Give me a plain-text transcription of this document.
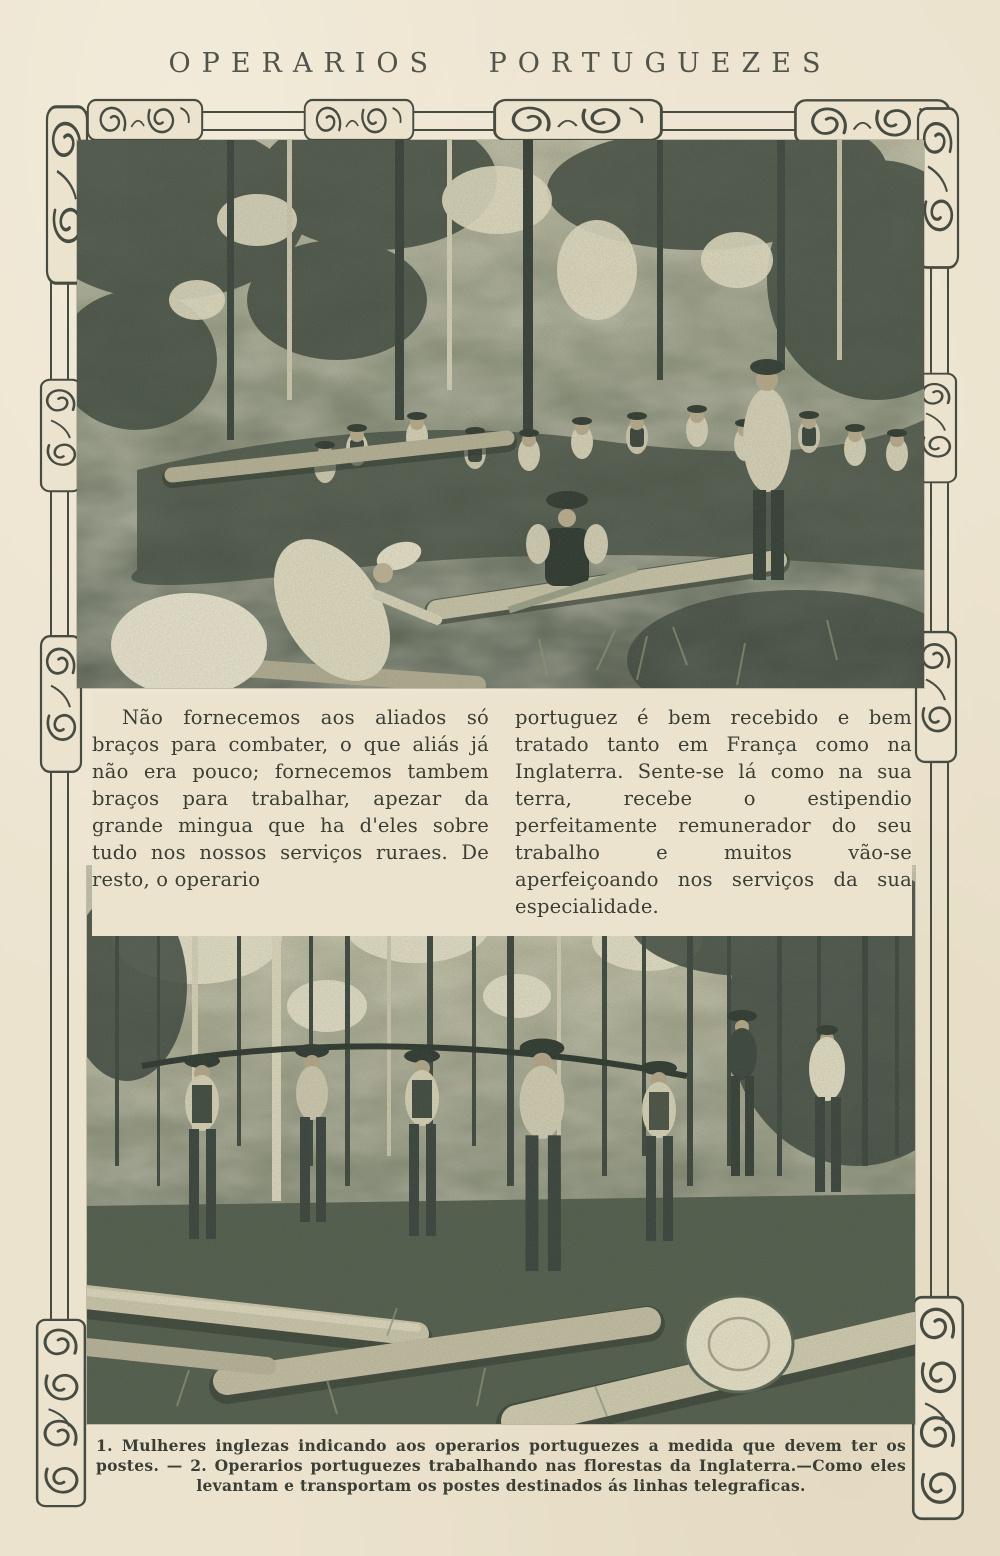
OPERARIOS PORTUGUEZES

Não fornecemos aos aliados só braços para combater, o que aliás já não era pouco; fornecemos tambem braços para trabalhar, apezar da grande mingua que ha d'eles sobre tudo nos nossos serviços ruraes. De resto, o operario

portuguez é bem recebido e bem tratado tanto em França como na Inglaterra. Sente-se lá como na sua terra, recebe o estipendio perfeitamente remunerador do seu trabalho e muitos vão-se aperfeiçoando nos serviços da sua especialidade.

1. Mulheres inglezas indicando aos operarios portuguezes a medida que devem ter os postes. — 2. Operarios portuguezes trabalhando nas florestas da Inglaterra.—Como eles levantam e transportam os postes destinados ás linhas telegraficas.
